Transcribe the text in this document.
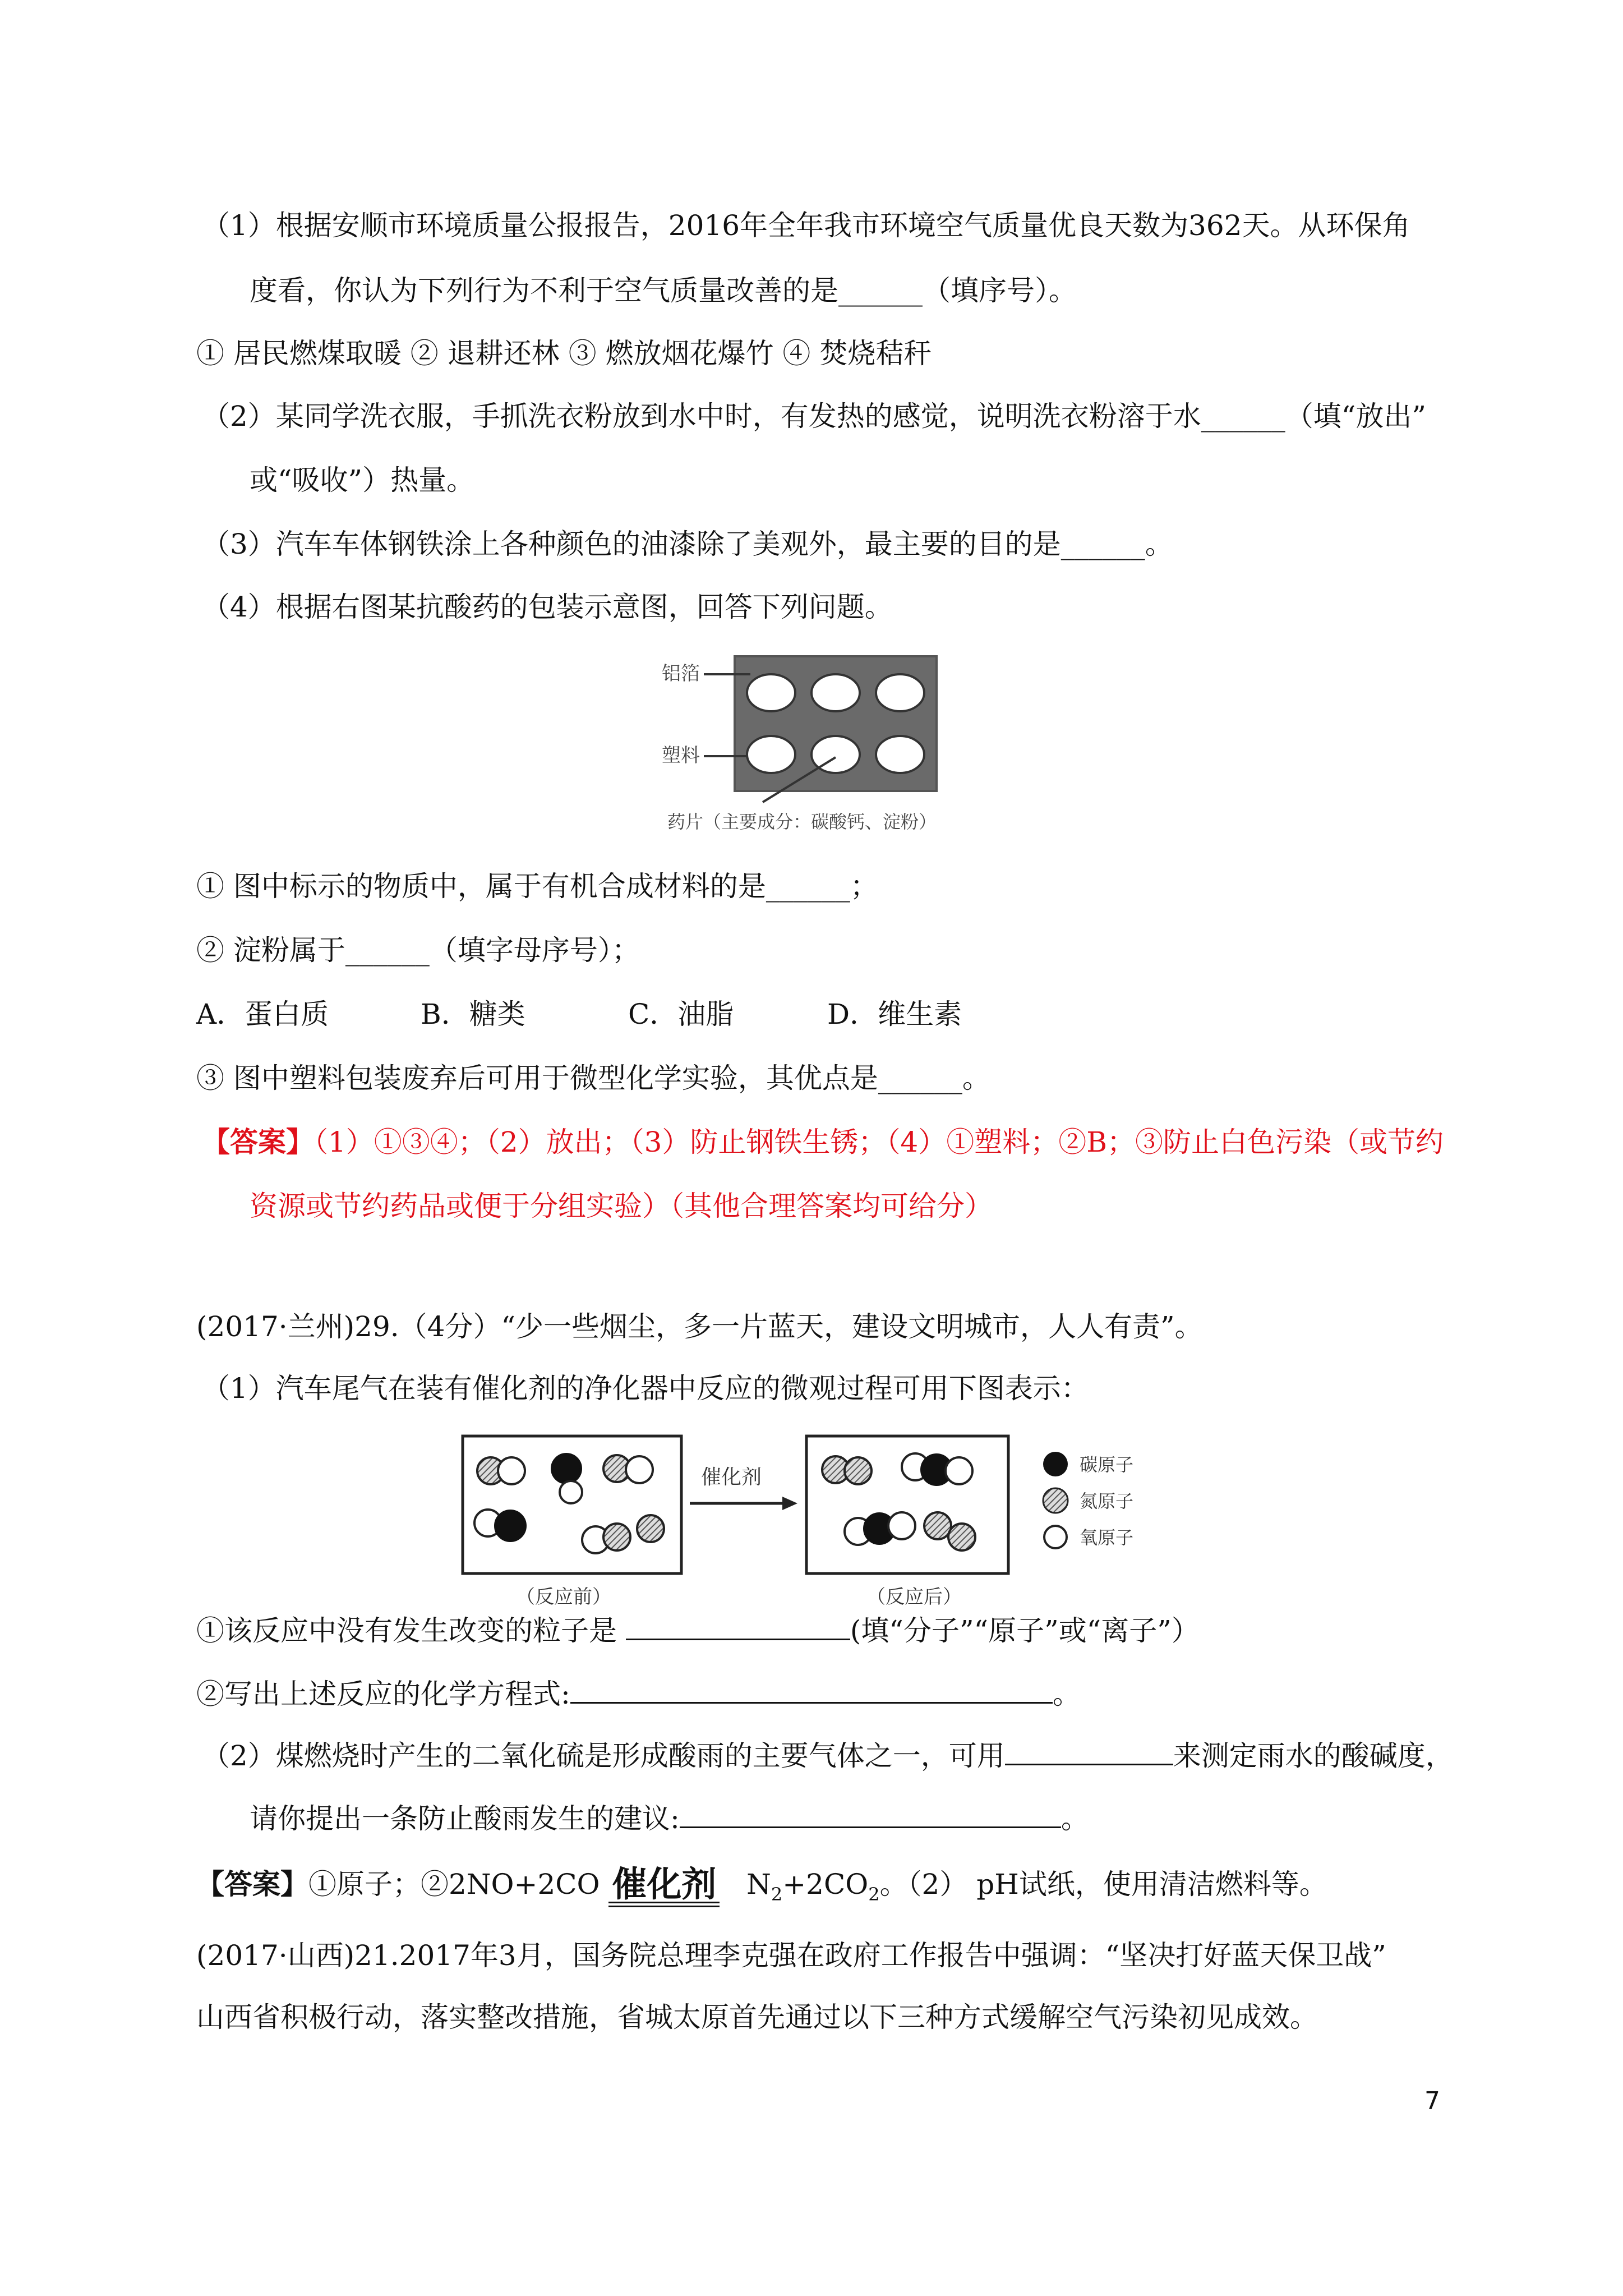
（1）根据安顺市环境质量公报报告，2016年全年我市环境空气质量优良天数为362天。从环保角
度看，你认为下列行为不利于空气质量改善的是______（填序号）。
① 居民燃煤取暖 ② 退耕还林 ③ 燃放烟花爆竹 ④ 焚烧秸秆
（2）某同学洗衣服，手抓洗衣粉放到水中时，有发热的感觉，说明洗衣粉溶于水______（填“放出”
或“吸收”）热量。
（3）汽车车体钢铁涂上各种颜色的油漆除了美观外，最主要的目的是______。
（4）根据右图某抗酸药的包装示意图，回答下列问题。
铝箔
塑料
药片（主要成分：碳酸钙、淀粉）
① 图中标示的物质中，属于有机合成材料的是______；
② 淀粉属于______（填字母序号）；
A．蛋白质	B．糖类	C．油脂	D．维生素
③ 图中塑料包装废弃后可用于微型化学实验，其优点是______。
【答案】（1）①③④；（2）放出；（3）防止钢铁生锈；（4）①塑料；②B；③防止白色污染（或节约
资源或节约药品或便于分组实验）（其他合理答案均可给分）
(2017·兰州)29.（4分）“少一些烟尘，多一片蓝天，建设文明城市，人人有责”。
（1）汽车尾气在装有催化剂的净化器中反应的微观过程可用下图表示：
（反应前）
催化剂
（反应后）
碳原子
氮原子
氧原子
①该反应中没有发生改变的粒子是	(填“分子”“原子”或“离子”）
②写出上述反应的化学方程式:	。
（2）煤燃烧时产生的二氧化硫是形成酸雨的主要气体之一，可用	来测定雨水的酸碱度，
请你提出一条防止酸雨发生的建议:	。
【答案】①原子；②2NO+2CO 催化剂 $N_2+2CO_2$。（2） pH试纸，使用清洁燃料等。
(2017·山西)21.2017年3月，国务院总理李克强在政府工作报告中强调：“坚决打好蓝天保卫战”
山西省积极行动，落实整改措施，省城太原首先通过以下三种方式缓解空气污染初见成效。
7
